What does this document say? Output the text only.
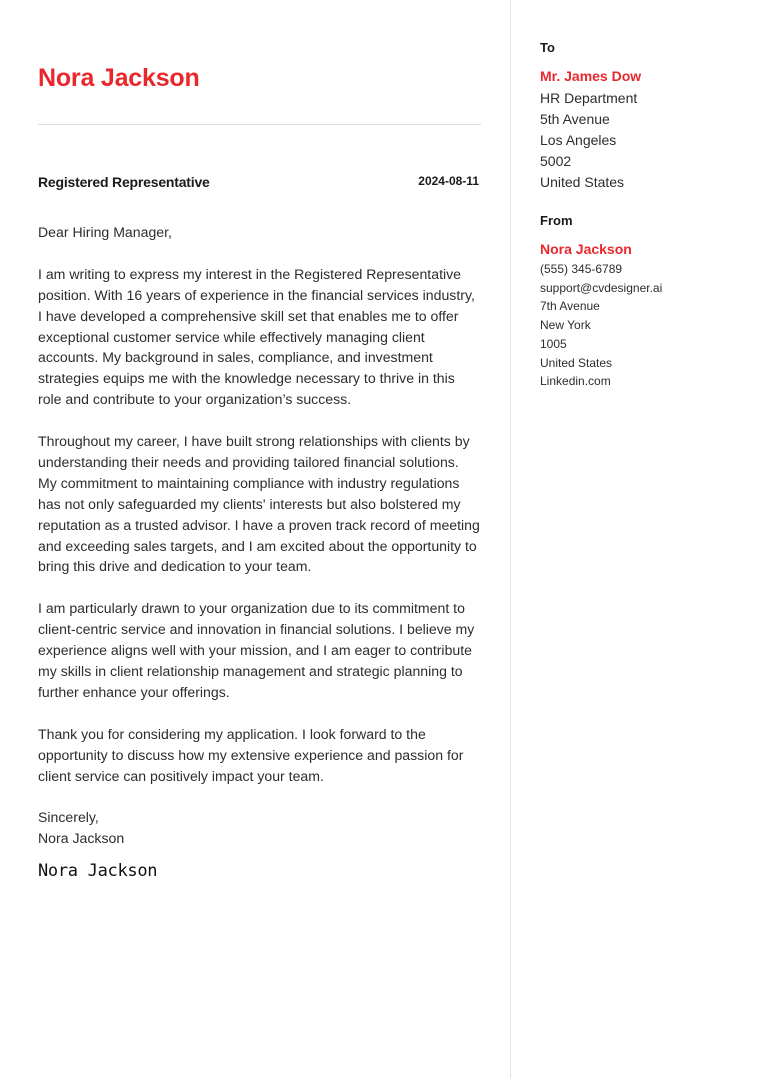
Nora Jackson
Registered Representative	2024-08-11

Dear Hiring Manager,

I am writing to express my interest in the Registered Representative position. With 16 years of experience in the financial services industry, I have developed a comprehensive skill set that enables me to offer exceptional customer service while effectively managing client accounts. My background in sales, compliance, and investment strategies equips me with the knowledge necessary to thrive in this role and contribute to your organization’s success.

Throughout my career, I have built strong relationships with clients by understanding their needs and providing tailored financial solutions. My commitment to maintaining compliance with industry regulations has not only safeguarded my clients' interests but also bolstered my reputation as a trusted advisor. I have a proven track record of meeting and exceeding sales targets, and I am excited about the opportunity to bring this drive and dedication to your team.

I am particularly drawn to your organization due to its commitment to client-centric service and innovation in financial solutions. I believe my experience aligns well with your mission, and I am eager to contribute my skills in client relationship management and strategic planning to further enhance your offerings.

Thank you for considering my application. I look forward to the opportunity to discuss how my extensive experience and passion for client service can positively impact your team.

Sincerely,
Nora Jackson
Nora Jackson
To
Mr. James Dow
HR Department
5th Avenue
Los Angeles
5002
United States
From
Nora Jackson
(555) 345-6789
support@cvdesigner.ai
7th Avenue
New York
1005
United States
Linkedin.com
